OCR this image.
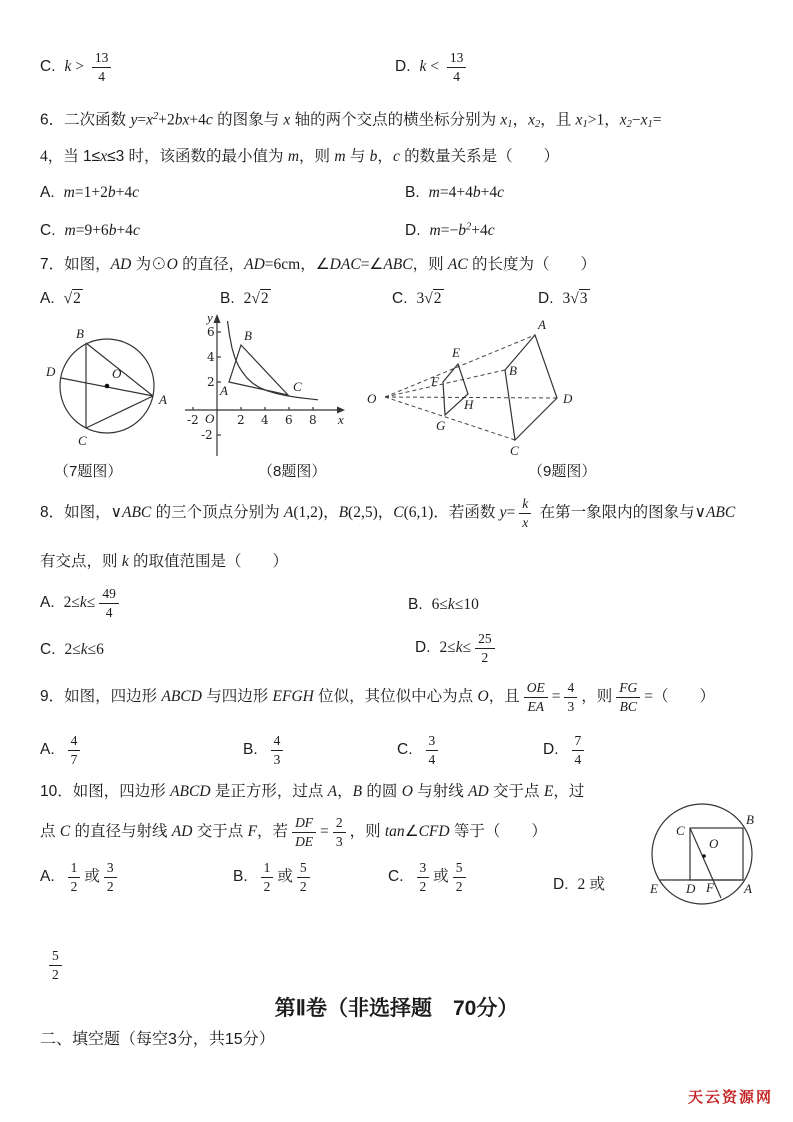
C. $k > \frac{13}{4}$	D. $k < \frac{13}{4}$
6．二次函数 $y=x^2+2bx+4c$ 的图象与 x 轴的两个交点的横坐标分别为 x1，x2，且 x1>1，x2−x1=
4，当 1≤x≤3 时，该函数的最小值为 m，则 m 与 b，c 的数量关系是（　　）
A. m=1+2b+4c	B. m=4+4b+4c
C. m=9+6b+4c	D. $m=-b^2+4c$
7．如图，AD 为⊙O 的直径，AD=6cm，∠DAC=∠ABC，则 AC 的长度为（　　）
A. √2	B. 2√2	C. 3√2	D. 3√3
B
D
C
A
O
-2	2 4 6 8
6
4
2
-2
O	x
y
A
B
C
O
E
F
G
H
A
B
C
D
（7题图）	（8题图）	（9题图）
8．如图，∨ABC 的三个顶点分别为 A(1,2)，B(2,5)，C(6,1)．若函数 $y= \frac{k}{x}$ 在第一象限内的图象与∨ABC
有交点，则 k 的取值范围是（　　）
A. $2\le k\le \frac{49}{4}$	B. 6≤k≤10
C. 2≤k≤6	D. $2\le k\le \frac{25}{2}$
9．如图，四边形 ABCD 与四边形 EFGH 位似，其位似中心为点 O，且 $\frac{OE}{EA} = \frac{4}{3}$ ，则 $\frac{FG}{BC}$ =（　　）
A. $\frac{4}{7}$	B. $\frac{4}{3}$	C. $\frac{3}{4}$	D. $\frac{7}{4}$
10．如图，四边形 ABCD 是正方形，过点 A，B 的圆 O 与射线 AD 交于点 E，过
点 C 的直径与射线 AD 交于点 F，若 $\frac{DF}{DE} = \frac{2}{3}$ ，则 tan∠CFD 等于（　　）
A. $\frac{1}{2}$ 或 $\frac{3}{2}$	B. $\frac{1}{2}$ 或 $\frac{5}{2}$	C. $\frac{3}{2}$ 或 $\frac{5}{2}$	D. 2 或
$\frac{5}{2}$
C
B
O
E D F A
第Ⅱ卷（非选择题　70分）
二、填空题（每空3分，共15分）
天云资源网
